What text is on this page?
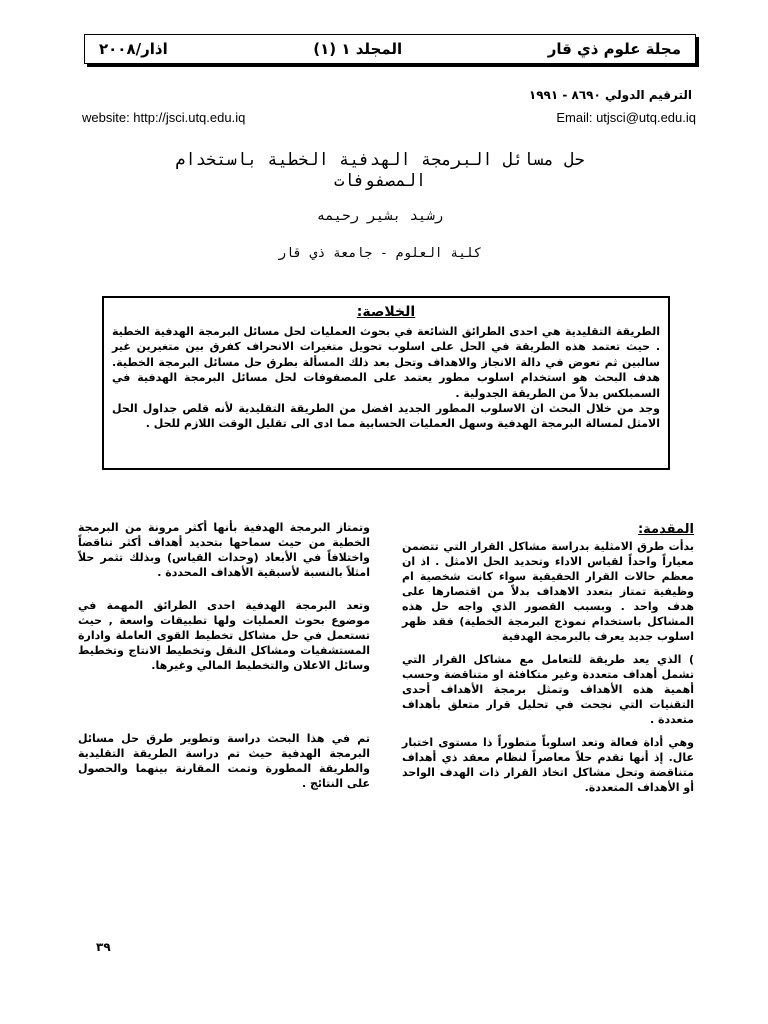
مجلة علوم ذي قار
المجلد ١ (١)
اذار/٢٠٠٨
الترقيم الدولي ٨٦٩٠ - ١٩٩١
website: http://jsci.utq.edu.iq	Email: utjsci@utq.edu.iq
حل مسائل البرمجة الهدفية الخطية باستخدام المصفوفات
رشيد بشير رحيمه
كلية العلوم - جامعة ذي قار
الخلاصة:

الطريقة التقليدية هي احدى الطرائق الشائعة في بحوث العمليات لحل مسائل البرمجة الهدفية الخطية . حيث تعتمد هذه الطريقة في الحل على اسلوب تحويل متغيرات الانحراف كفرق بين متغيرين غير سالبين ثم تعوض في دالة الانجاز والاهداف وتحل بعد ذلك المسألة بطرق حل مسائل البرمجة الخطية. هدف البحث هو استخدام اسلوب مطور يعتمد على المصفوفات لحل مسائل البرمجة الهدفية في السمبلكس بدلاً من الطريقة الجدولية .

وجد من خلال البحث ان الاسلوب المطور الجديد افضل من الطريقة التقليدية لأنه قلص جداول الحل الامثل لمسالة البرمجة الهدفية وسهل العمليات الحسابية مما ادى الى تقليل الوقت اللازم للحل .

المقدمة:

بدأت طرق الامثلية بدراسة مشاكل القرار التي تتضمن معياراً واحداً لقياس الاداء وتحديد الحل الامثل . اذ ان معظم حالات القرار الحقيقية سواء كانت شخصية ام وظيفية تمتاز بتعدد الاهداف بدلاً من اقتصارها على هدف واحد . وبسبب القصور الذي واجه حل هذه المشاكل باستخدام نموذج البرمجة الخطية) فقد ظهر اسلوب جديد يعرف بالبرمجة الهدفية

) الذي يعد طريقة للتعامل مع مشاكل القرار التي تشمل أهداف متعددة وغير متكافئة او متناقضة وحسب أهمية هذه الأهداف وتمثل برمجة الأهداف أحدى التقنيات التي نجحت في تحليل قرار متعلق بأهداف متعددة .

وهي أداة فعالة وتعد اسلوباً متطوراً ذا مستوى اختبار عال. إذ أنها تقدم حلاً معاصراً لنظام معقد ذي أهداف متناقضة وتحل مشاكل اتخاذ القرار ذات الهدف الواحد أو الأهداف المتعددة.

وتمتاز البرمجة الهدفية بأنها أكثر مرونة من البرمجة الخطية من حيث سماحها بتحديد أهداف أكثر تناقضاً واختلافاً في الأبعاد (وحدات القياس) وبذلك تثمر حلاً امثلاً بالنسبة لأسبقية الأهداف المحددة .

وتعد البرمجة الهدفية احدى الطرائق المهمة في موضوع بحوث العمليات ولها تطبيقات واسعة , حيث تستعمل في حل مشاكل تخطيط القوى العاملة وادارة المستشفيات ومشاكل النقل وتخطيط الانتاج وتخطيط وسائل الاعلان والتخطيط المالي وغيرها.

تم في هذا البحث دراسة وتطوير طرق حل مسائل البرمجة الهدفية حيث تم دراسة الطريقة التقليدية والطريقة المطورة وتمت المقارنة بينهما والحصول على النتائج .

٣٩
